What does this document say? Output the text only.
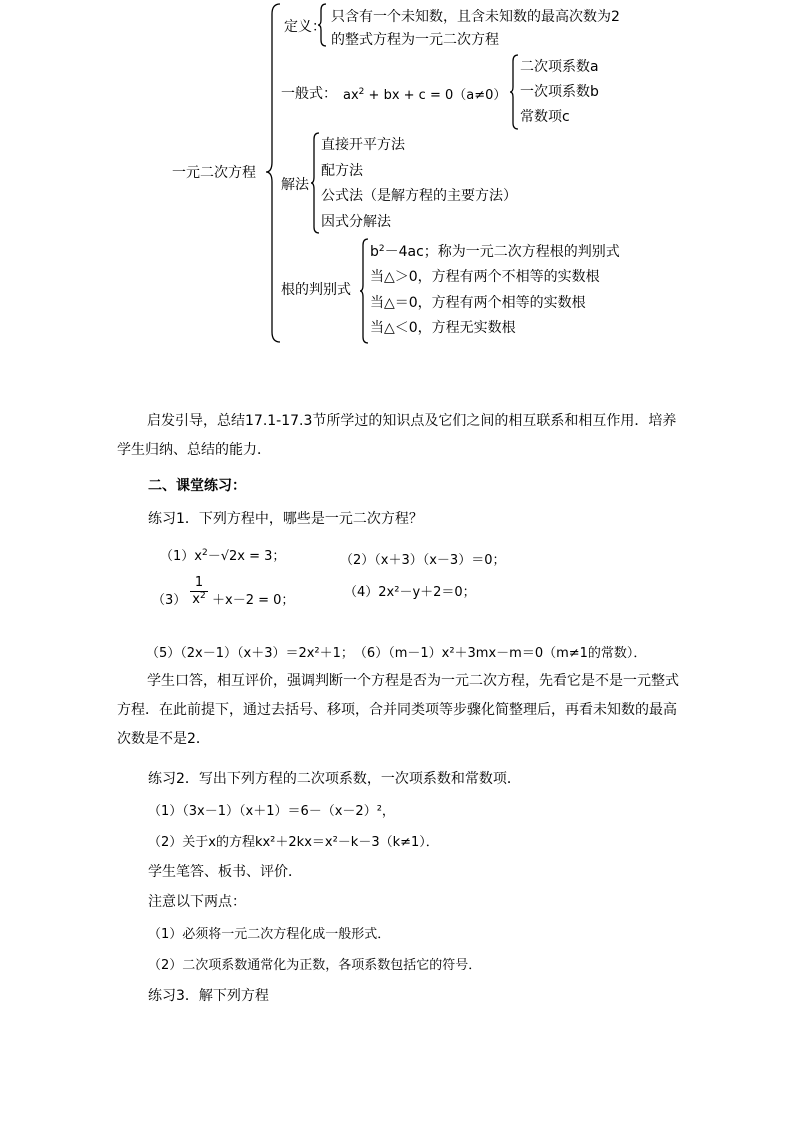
一元二次方程
定义：
只含有一个未知数，且含未知数的最高次数为2
的整式方程为一元二次方程
一般式： $ax^2$ + bx + c = 0（a≠0）
二次项系数a
一次项系数b
常数项c
解法
直接开平方法
配方法
公式法（是解方程的主要方法）
因式分解法
根的判别式
$b^2-4ac$；称为一元二次方程根的判别式
当△＞0，方程有两个不相等的实数根
当△＝0，方程有两个相等的实数根
当△＜0，方程无实数根

启发引导，总结17.1-17.3节所学过的知识点及它们之间的相互联系和相互作用．培养学生归纳、总结的能力．

二、课堂练习：
练习1．下列方程中，哪些是一元二次方程？
$(1)x^2-√2x = 3$；	（2）（x＋3）（x－3）＝0；
$(3) \frac{1}{x^2} +x-2 = 0$；
（4）2x²－y＋2＝0；
（5）（2x－1）（x＋3）＝2x²＋1；　（6）（m－1）x²＋3mx－m＝0（m≠1的常数）．

学生口答，相互评价，强调判断一个方程是否为一元二次方程，先看它是不是一元整式方程．在此前提下，通过去括号、移项，合并同类项等步骤化简整理后，再看未知数的最高次数是不是2．

练习2．写出下列方程的二次项系数，一次项系数和常数项．
（1）（3x－1）（x＋1）＝6－（x－2）²，
（2）关于x的方程kx²＋2kx＝x²－k－3（k≠1）．
学生笔答、板书、评价．
注意以下两点：
（1）必须将一元二次方程化成一般形式．
（2）二次项系数通常化为正数，各项系数包括它的符号．
练习3．解下列方程
